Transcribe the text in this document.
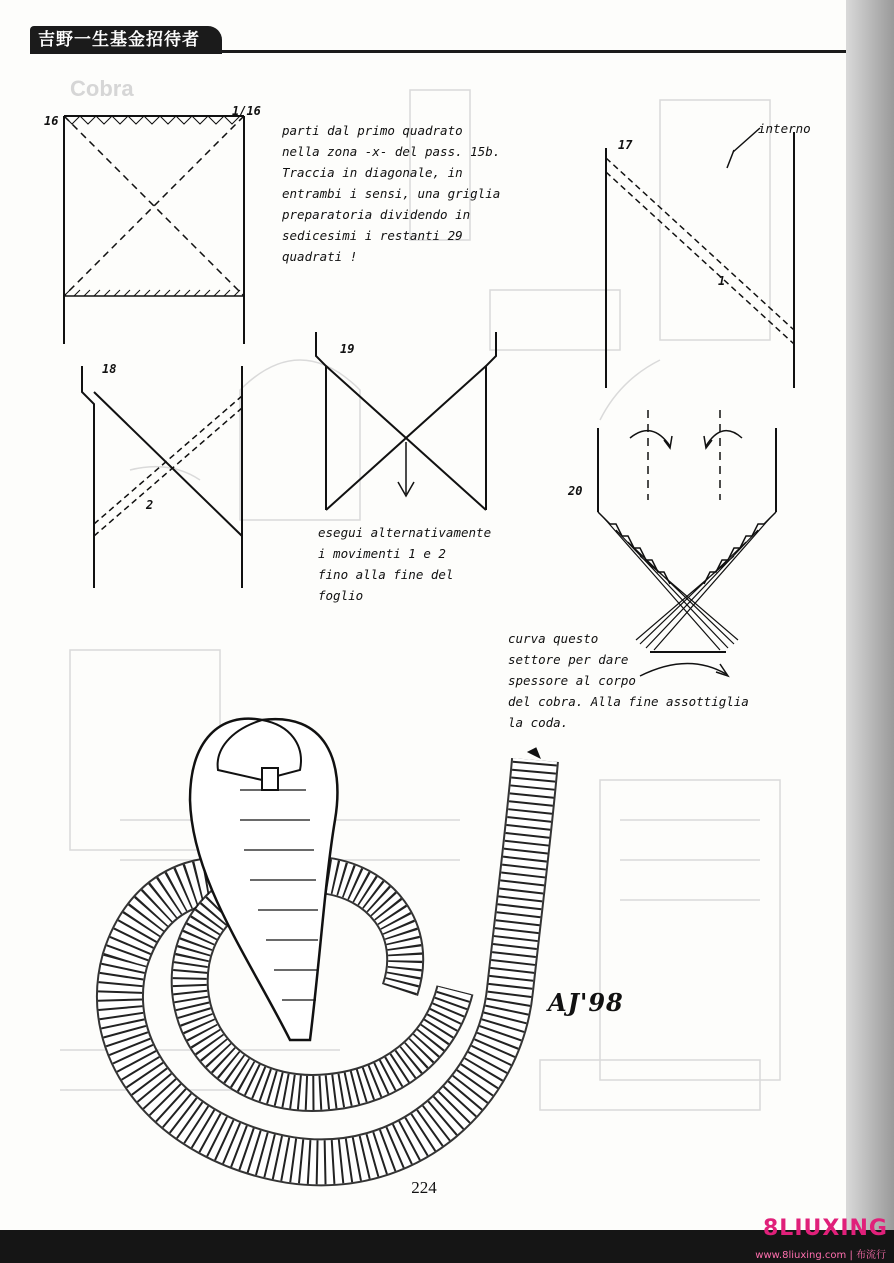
Cobra
吉野一生基金招待者
16
1/16
17
1
18
2
19
20
parti dal primo quadrato
nella zona -x- del pass. 15b.
Traccia in diagonale, in
entrambi i sensi, una griglia
preparatoria dividendo in
sedicesimi i restanti 29
quadrati !
interno
esegui alternativamente
i movimenti 1 e 2
fino alla fine del
foglio
curva questo
settore per dare
spessore al corpo
del cobra. Alla fine assottiglia
la coda.
AJ'98
224
8LIUXING
www.8liuxing.com | 布流行
